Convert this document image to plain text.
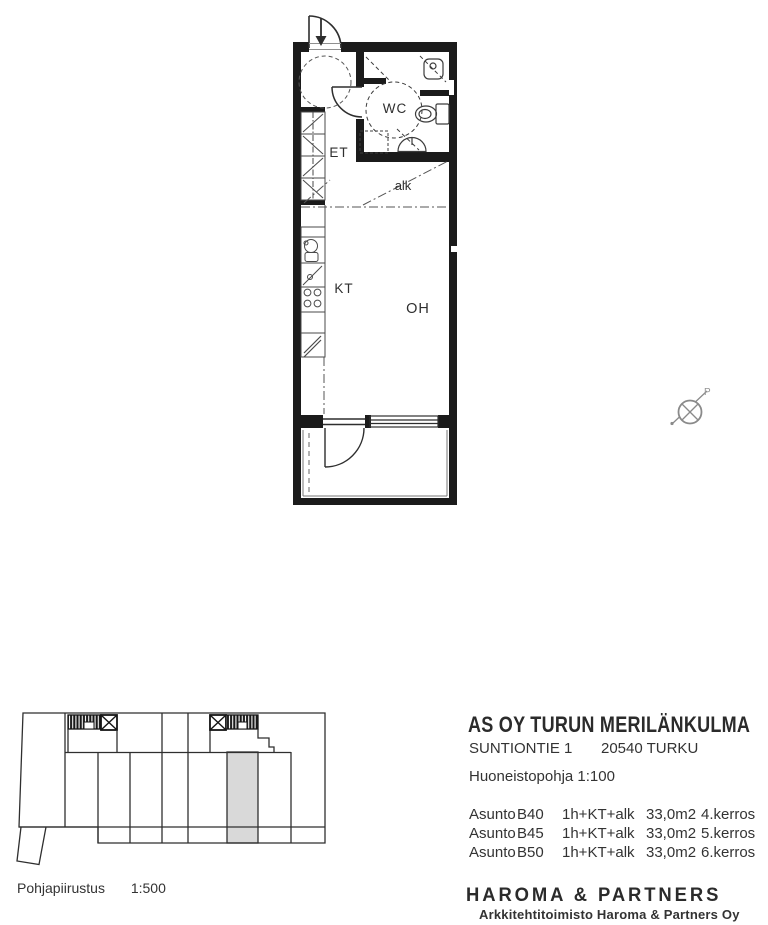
WC
ET
alk
KT
OH
P
AS OY TURUN MERILÄNKULMA
SUNTIONTIE 1 20540 TURKU
Huoneistopohja 1:100
Asunto B40	1h+KT+alk 33,0m2 4.kerros
Asunto B45	1h+KT+alk 33,0m2 5.kerros
Asunto B50	1h+KT+alk 33,0m2 6.kerros
HAROMA & PARTNERS
Arkkitehtitoimisto Haroma & Partners Oy
Pohjapiirustus 1:500
